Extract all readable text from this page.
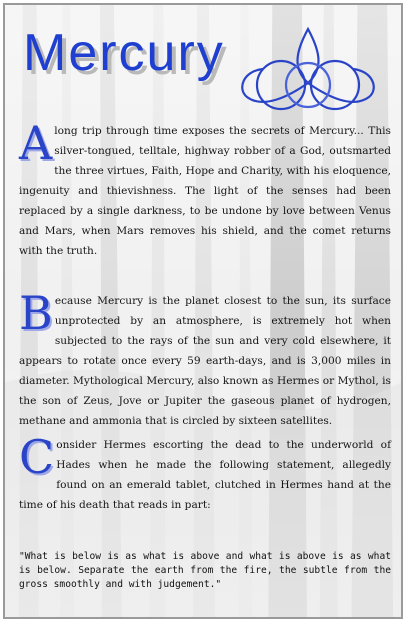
Mercury
Along trip through time exposes the secrets of Mercury... This silver-tongued, telltale, highway robber of a God, outsmarted the three virtues, Faith, Hope and Charity, with his eloquence, ingenuity and thievishness. The light of the senses had been replaced by a single darkness, to be undone by love between Venus and Mars, when Mars removes his shield, and the comet returns with the truth.
Because Mercury is the planet closest to the sun, its surface unprotected by an atmosphere, is extremely hot when subjected to the rays of the sun and very cold elsewhere, it appears to rotate once every 59 earth-days, and is 3,000 miles in diameter. Mythological Mercury, also known as Hermes or Mythol, is the son of Zeus, Jove or Jupiter the gaseous planet of hydrogen, methane and ammonia that is circled by sixteen satellites.
Consider Hermes escorting the dead to the underworld of Hades when he made the following statement, allegedly found on an emerald tablet, clutched in Hermes hand at the time of his death that reads in part:
"What is below is as what is above and what is above is as what is below. Separate the earth from the fire, the subtle from the gross smoothly and with judgement."
